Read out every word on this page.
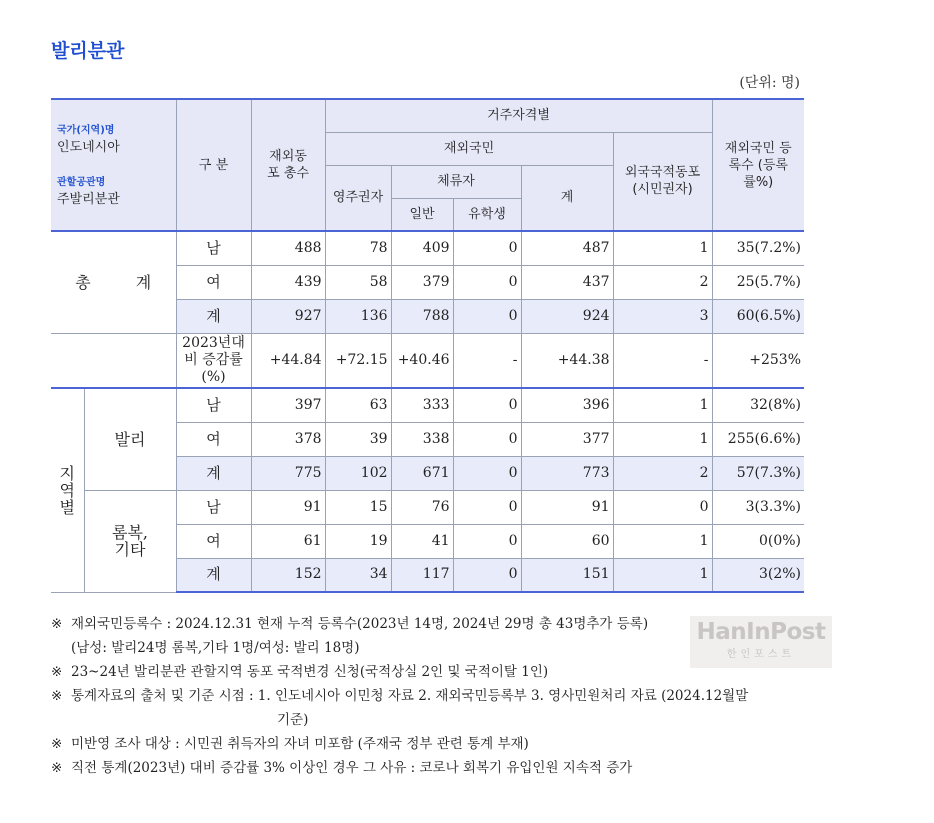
발리분관
(단위: 명)
국가(지역)명
인도네시아
관할공관명
주발리분관		구 분	재외동포 총수	거주자격별					재외국민 등록수 (등록률%)
				재외국민				외국국적동포 (시민권자)	
				영주권자	체류자		계		
					일반	유학생			
총 계		남	488	78	409	0	487	1	35(7.2%)
		여	439	58	379	0	437	2	25(5.7%)
		계	927	136	788	0	924	3	60(6.5%)
		2023년대비 증감률(%)	+44.84	+72.15	+40.46	-	+44.38	-	+253%
지역별	발리	남	397	63	333	0	396	1	32(8%)
		여	378	39	338	0	377	1	255(6.6%)
		계	775	102	671	0	773	2	57(7.3%)
	롬복, 기타	남	91	15	76	0	91	0	3(3.3%)
		여	61	19	41	0	60	1	0(0%)
		계	152	34	117	0	151	1	3(2%)
HanInPost
한인포스트
※ 재외국민등록수 : 2024.12.31 현재 누적 등록수(2023년 14명, 2024년 29명 총 43명추가 등록)
(남성: 발리24명 롬복,기타 1명/여성: 발리 18명)
※ 23~24년 발리분관 관할지역 동포 국적변경 신청(국적상실 2인 및 국적이탈 1인)
※ 통계자료의 출처 및 기준 시점 : 1. 인도네시아 이민청 자료 2. 재외국민등록부 3. 영사민원처리 자료 (2024.12월말
기준)
※ 미반영 조사 대상 : 시민권 취득자의 자녀 미포함 (주재국 정부 관련 통계 부재)
※ 직전 통계(2023년) 대비 증감률 3% 이상인 경우 그 사유 : 코로나 회복기 유입인원 지속적 증가
